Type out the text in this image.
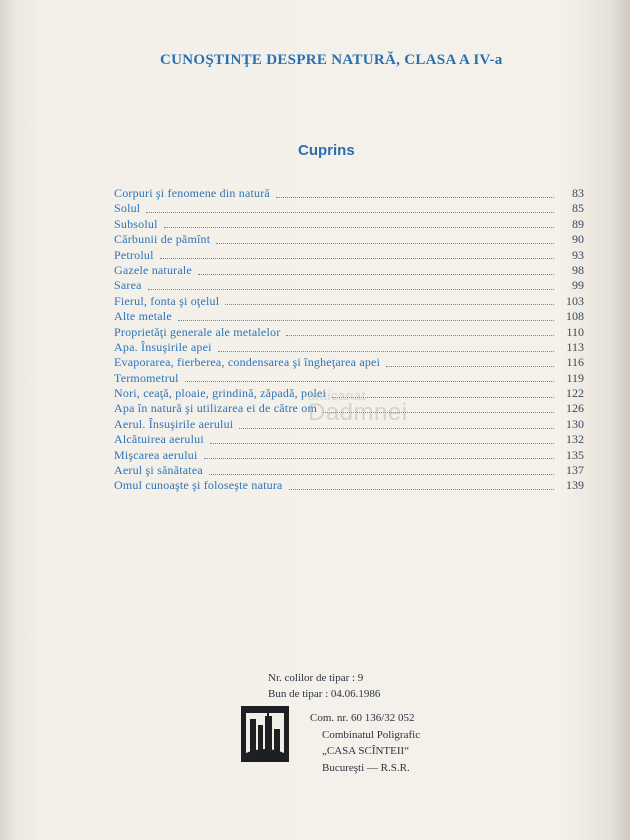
CUNOŞTINŢE DESPRE NATURĂ, CLASA A IV-a
Cuprins
Corpuri şi fenomene din natură	83
Solul	85
Subsolul	89
Cărbunii de pămînt	90
Petrolul	93
Gazele naturale	98
Sarea	99
Fierul, fonta şi oţelul	103
Alte metale	108
Proprietăţi generale ale metalelor	110
Apa. Însuşirile apei	113
Evaporarea, fierberea, condensarea şi îngheţarea apei	116
Termometrul	119
Nori, ceaţă, ploaie, grindină, zăpadă, polei	122
Apa în natură şi utilizarea ei de către om	126
Aerul. Însuşirile aerului	130
Alcătuirea aerului	132
Mişcarea aerului	135
Aerul şi sănătatea	137
Omul cunoaşte şi foloseşte natura	139
anticariat
Dadmnei
Nr. colilor de tipar : 9
Bun de tipar : 04.06.1986
Com. nr. 60 136/32 052
Combinatul Poligrafic
„CASA SCÎNTEII“
Bucureşti — R.S.R.
